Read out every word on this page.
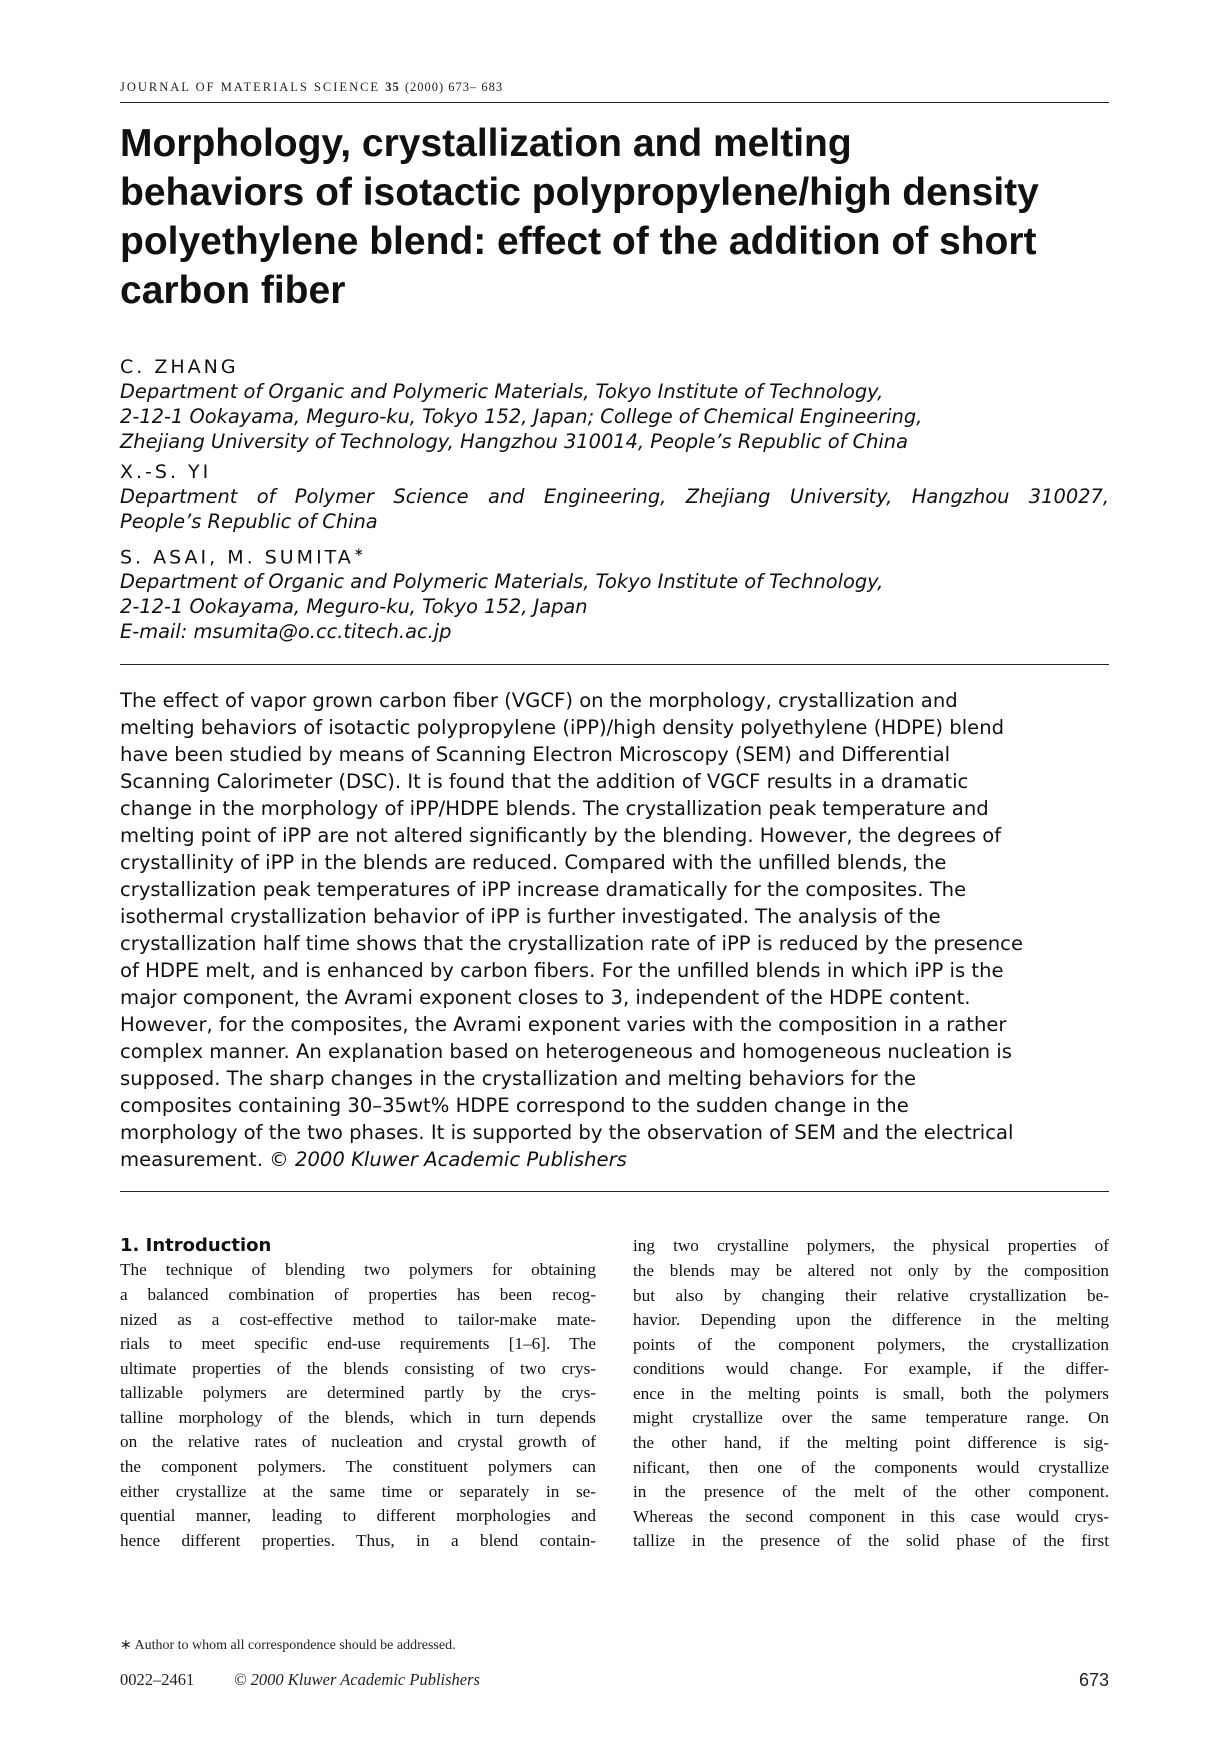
JOURNAL OF MATERIALS SCIENCE 35 (2000) 673– 683
Morphology, crystallization and melting
behaviors of isotactic polypropylene/high density
polyethylene blend: effect of the addition of short
carbon fiber
C. ZHANG
Department of Organic and Polymeric Materials, Tokyo Institute of Technology,
2-12-1 Ookayama, Meguro-ku, Tokyo 152, Japan; College of Chemical Engineering,
Zhejiang University of Technology, Hangzhou 310014, People’s Republic of China
X.-S. YI
Department of Polymer Science and Engineering, Zhejiang University, Hangzhou 310027,
People’s Republic of China
S. ASAI, M. SUMITA∗
Department of Organic and Polymeric Materials, Tokyo Institute of Technology,
2-12-1 Ookayama, Meguro-ku, Tokyo 152, Japan
E-mail: msumita@o.cc.titech.ac.jp
The effect of vapor grown carbon fiber (VGCF) on the morphology, crystallization and
melting behaviors of isotactic polypropylene (iPP)/high density polyethylene (HDPE) blend
have been studied by means of Scanning Electron Microscopy (SEM) and Differential
Scanning Calorimeter (DSC). It is found that the addition of VGCF results in a dramatic
change in the morphology of iPP/HDPE blends. The crystallization peak temperature and
melting point of iPP are not altered significantly by the blending. However, the degrees of
crystallinity of iPP in the blends are reduced. Compared with the unfilled blends, the
crystallization peak temperatures of iPP increase dramatically for the composites. The
isothermal crystallization behavior of iPP is further investigated. The analysis of the
crystallization half time shows that the crystallization rate of iPP is reduced by the presence
of HDPE melt, and is enhanced by carbon fibers. For the unfilled blends in which iPP is the
major component, the Avrami exponent closes to 3, independent of the HDPE content.
However, for the composites, the Avrami exponent varies with the composition in a rather
complex manner. An explanation based on heterogeneous and homogeneous nucleation is
supposed. The sharp changes in the crystallization and melting behaviors for the
composites containing 30–35wt% HDPE correspond to the sudden change in the
morphology of the two phases. It is supported by the observation of SEM and the electrical
measurement. © 2000 Kluwer Academic Publishers
1. Introduction
The technique of blending two polymers for obtaining
a balanced combination of properties has been recog-
nized as a cost-effective method to tailor-make mate-
rials to meet specific end-use requirements [1–6]. The
ultimate properties of the blends consisting of two crys-
tallizable polymers are determined partly by the crys-
talline morphology of the blends, which in turn depends
on the relative rates of nucleation and crystal growth of
the component polymers. The constituent polymers can
either crystallize at the same time or separately in se-
quential manner, leading to different morphologies and
hence different properties. Thus, in a blend contain-
ing two crystalline polymers, the physical properties of
the blends may be altered not only by the composition
but also by changing their relative crystallization be-
havior. Depending upon the difference in the melting
points of the component polymers, the crystallization
conditions would change. For example, if the differ-
ence in the melting points is small, both the polymers
might crystallize over the same temperature range. On
the other hand, if the melting point difference is sig-
nificant, then one of the components would crystallize
in the presence of the melt of the other component.
Whereas the second component in this case would crys-
tallize in the presence of the solid phase of the first
∗ Author to whom all correspondence should be addressed.
0022–2461 © 2000 Kluwer Academic Publishers	673
